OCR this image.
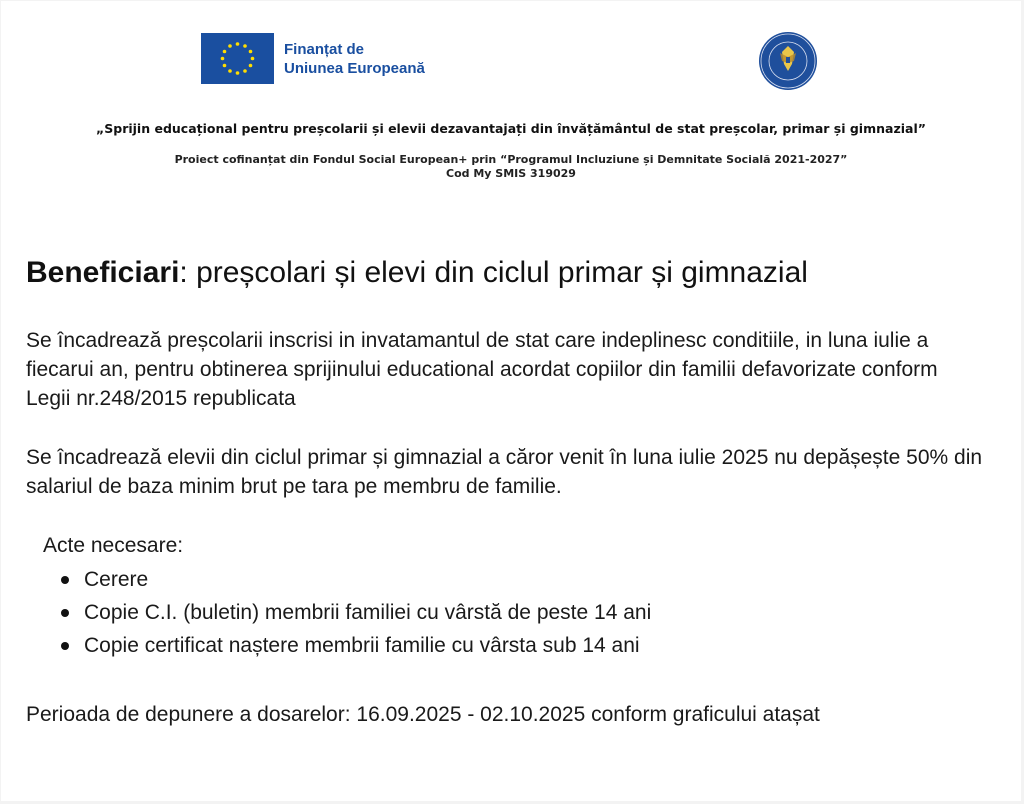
Finanțat de
Uniunea Europeană
„Sprijin educațional pentru preșcolarii și elevii dezavantajați din învățământul de stat preșcolar, primar și gimnazial”
Proiect cofinanțat din Fondul Social European+ prin “Programul Incluziune și Demnitate Socială 2021-2027”
Cod My SMIS 319029
Beneficiari: preșcolari și elevi din ciclul primar și gimnazial
Se încadrează preșcolarii inscrisi in invatamantul de stat care indeplinesc conditiile, in luna iulie a fiecarui an, pentru obtinerea sprijinului educational acordat copiilor din familii defavorizate conform Legii nr.248/2015 republicata
Se încadrează elevii din ciclul primar și gimnazial a căror venit în luna iulie 2025 nu depășește 50% din salariul de baza minim brut pe tara pe membru de familie.
Acte necesare:
Cerere
Copie C.I. (buletin) membrii familiei cu vârstă de peste 14 ani
Copie certificat naștere membrii familie cu vârsta sub 14 ani
Perioada de depunere a dosarelor: 16.09.2025 - 02.10.2025 conform graficului atașat
